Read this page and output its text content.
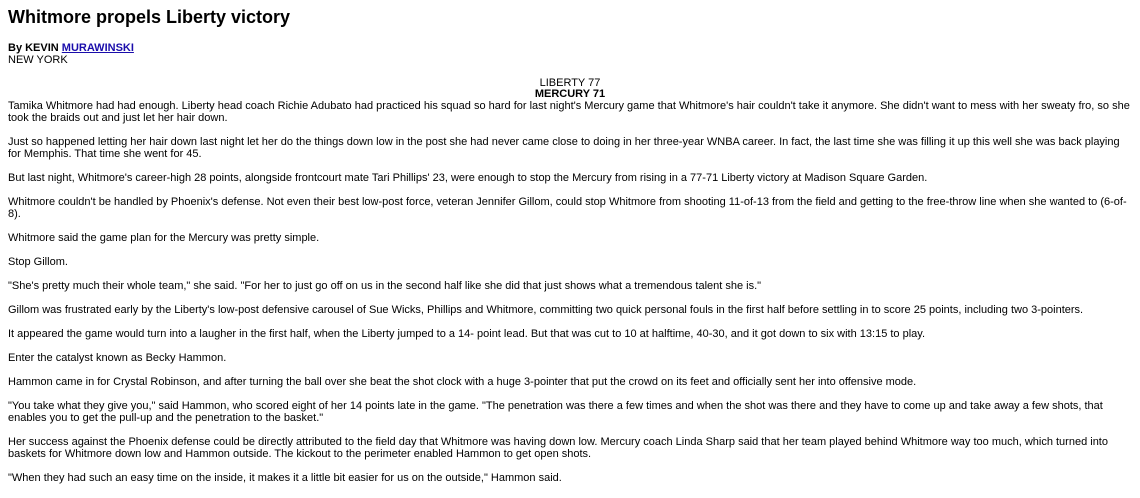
Whitmore propels Liberty victory
By KEVIN MURAWINSKI
NEW YORK
LIBERTY 77
MERCURY 71

Tamika Whitmore had had enough. Liberty head coach Richie Adubato had practiced his squad so hard for last night's Mercury game that Whitmore's hair couldn't take it anymore. She didn't want to mess with her sweaty fro, so she took the braids out and just let her hair down.

Just so happened letting her hair down last night let her do the things down low in the post she had never came close to doing in her three-year WNBA career. In fact, the last time she was filling it up this well she was back playing for Memphis. That time she went for 45.

But last night, Whitmore's career-high 28 points, alongside frontcourt mate Tari Phillips' 23, were enough to stop the Mercury from rising in a 77-71 Liberty victory at Madison Square Garden.

Whitmore couldn't be handled by Phoenix's defense. Not even their best low-post force, veteran Jennifer Gillom, could stop Whitmore from shooting 11-of-13 from the field and getting to the free-throw line when she wanted to (6-of-8).

Whitmore said the game plan for the Mercury was pretty simple.

Stop Gillom.

"She's pretty much their whole team," she said. "For her to just go off on us in the second half like she did that just shows what a tremendous talent she is."

Gillom was frustrated early by the Liberty's low-post defensive carousel of Sue Wicks, Phillips and Whitmore, committing two quick personal fouls in the first half before settling in to score 25 points, including two 3-pointers.

It appeared the game would turn into a laugher in the first half, when the Liberty jumped to a 14- point lead. But that was cut to 10 at halftime, 40-30, and it got down to six with 13:15 to play.

Enter the catalyst known as Becky Hammon.

Hammon came in for Crystal Robinson, and after turning the ball over she beat the shot clock with a huge 3-pointer that put the crowd on its feet and officially sent her into offensive mode.

"You take what they give you," said Hammon, who scored eight of her 14 points late in the game. "The penetration was there a few times and when the shot was there and they have to come up and take away a few shots, that enables you to get the pull-up and the penetration to the basket."

Her success against the Phoenix defense could be directly attributed to the field day that Whitmore was having down low. Mercury coach Linda Sharp said that her team played behind Whitmore way too much, which turned into baskets for Whitmore down low and Hammon outside. The kickout to the perimeter enabled Hammon to get open shots.

"When they had such an easy time on the inside, it makes it a little bit easier for us on the outside," Hammon said.
